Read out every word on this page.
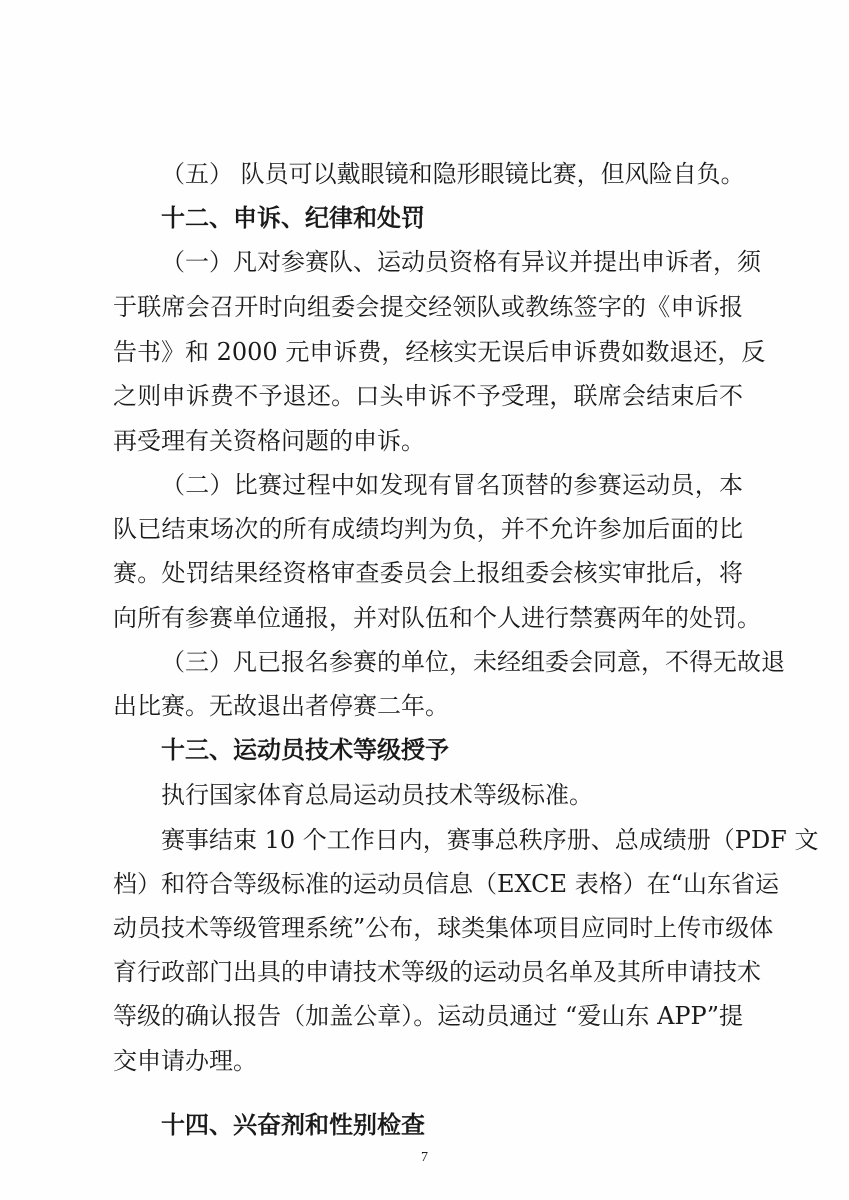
（五） 队员可以戴眼镜和隐形眼镜比赛，但风险自负。
十二、申诉、纪律和处罚
（一）凡对参赛队、运动员资格有异议并提出申诉者，须
于联席会召开时向组委会提交经领队或教练签字的《申诉报
告书》和 2000 元申诉费，经核实无误后申诉费如数退还，反
之则申诉费不予退还。口头申诉不予受理，联席会结束后不
再受理有关资格问题的申诉。
（二）比赛过程中如发现有冒名顶替的参赛运动员，本
队已结束场次的所有成绩均判为负，并不允许参加后面的比
赛。处罚结果经资格审查委员会上报组委会核实审批后，将
向所有参赛单位通报，并对队伍和个人进行禁赛两年的处罚。
（三）凡已报名参赛的单位，未经组委会同意，不得无故退
出比赛。无故退出者停赛二年。
十三、运动员技术等级授予
执行国家体育总局运动员技术等级标准。
赛事结束 10 个工作日内，赛事总秩序册、总成绩册（PDF 文
档）和符合等级标准的运动员信息（EXCE 表格）在“山东省运
动员技术等级管理系统”公布，球类集体项目应同时上传市级体
育行政部门出具的申请技术等级的运动员名单及其所申请技术
等级的确认报告（加盖公章）。运动员通过 “爱山东 APP”提
交申请办理。
十四、兴奋剂和性别检查
7
